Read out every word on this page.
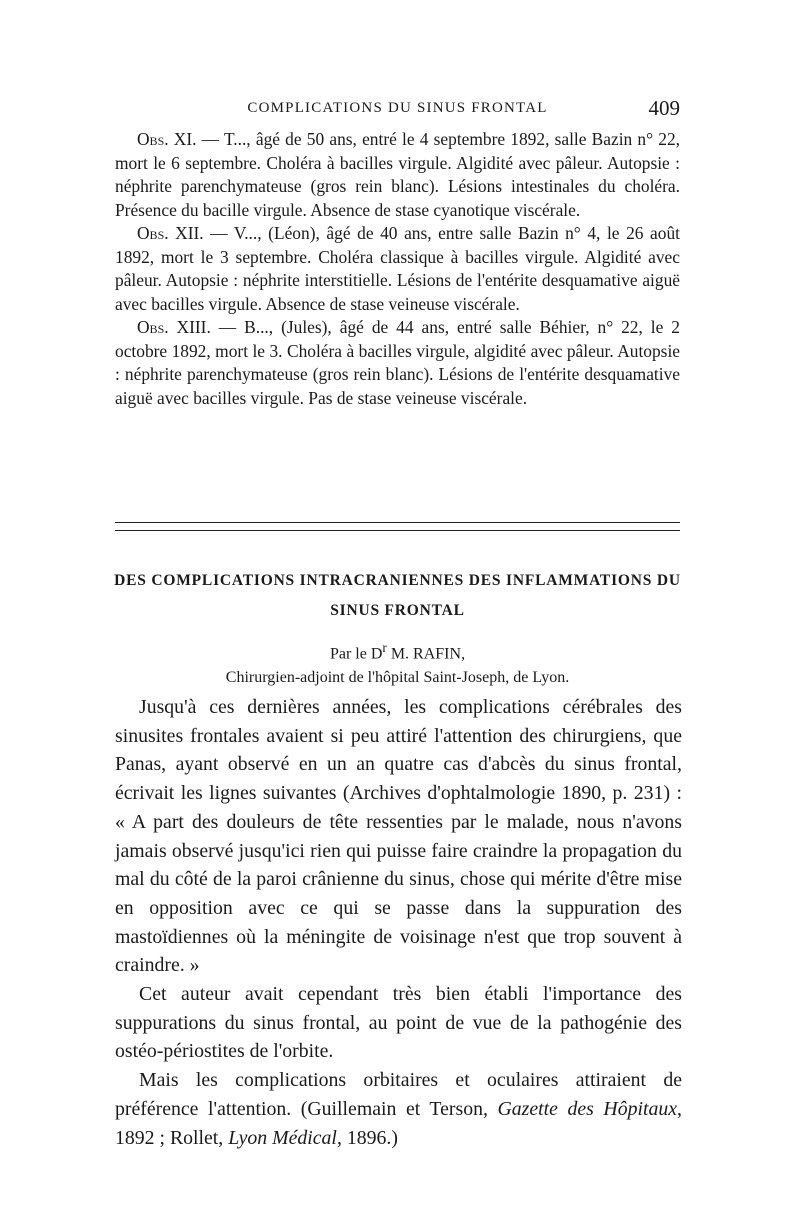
COMPLICATIONS DU SINUS FRONTAL	409

Obs. XI. — T..., âgé de 50 ans, entré le 4 septembre 1892, salle Bazin n° 22, mort le 6 septembre. Choléra à bacilles virgule. Algidité avec pâleur. Autopsie : néphrite parenchymateuse (gros rein blanc). Lésions intestinales du choléra. Présence du bacille virgule. Absence de stase cyanotique viscérale.

Obs. XII. — V..., (Léon), âgé de 40 ans, entre salle Bazin n° 4, le 26 août 1892, mort le 3 septembre. Choléra classique à bacilles virgule. Algidité avec pâleur. Autopsie : néphrite interstitielle. Lésions de l'entérite desquamative aiguë avec bacilles virgule. Absence de stase veineuse viscérale.

Obs. XIII. — B..., (Jules), âgé de 44 ans, entré salle Béhier, n° 22, le 2 octobre 1892, mort le 3. Choléra à bacilles virgule, algidité avec pâleur. Autopsie : néphrite parenchymateuse (gros rein blanc). Lésions de l'entérite desquamative aiguë avec bacilles virgule. Pas de stase veineuse viscérale.

DES COMPLICATIONS INTRACRANIENNES DES INFLAMMATIONS DU
SINUS FRONTAL
Par le $D^r$ M. RAFIN,
Chirurgien-adjoint de l'hôpital Saint-Joseph, de Lyon.

Jusqu'à ces dernières années, les complications cérébrales des sinusites frontales avaient si peu attiré l'attention des chirurgiens, que Panas, ayant observé en un an quatre cas d'abcès du sinus frontal, écrivait les lignes suivantes (Archives d'ophtalmologie 1890, p. 231) : « A part des douleurs de tête ressenties par le malade, nous n'avons jamais observé jusqu'ici rien qui puisse faire craindre la propagation du mal du côté de la paroi crânienne du sinus, chose qui mérite d'être mise en opposition avec ce qui se passe dans la suppuration des mastoïdiennes où la méningite de voisinage n'est que trop souvent à craindre. »

Cet auteur avait cependant très bien établi l'importance des suppurations du sinus frontal, au point de vue de la pathogénie des ostéo-périostites de l'orbite.

Mais les complications orbitaires et oculaires attiraient de préférence l'attention. (Guillemain et Terson, Gazette des Hôpitaux, 1892 ; Rollet, Lyon Médical, 1896.)
